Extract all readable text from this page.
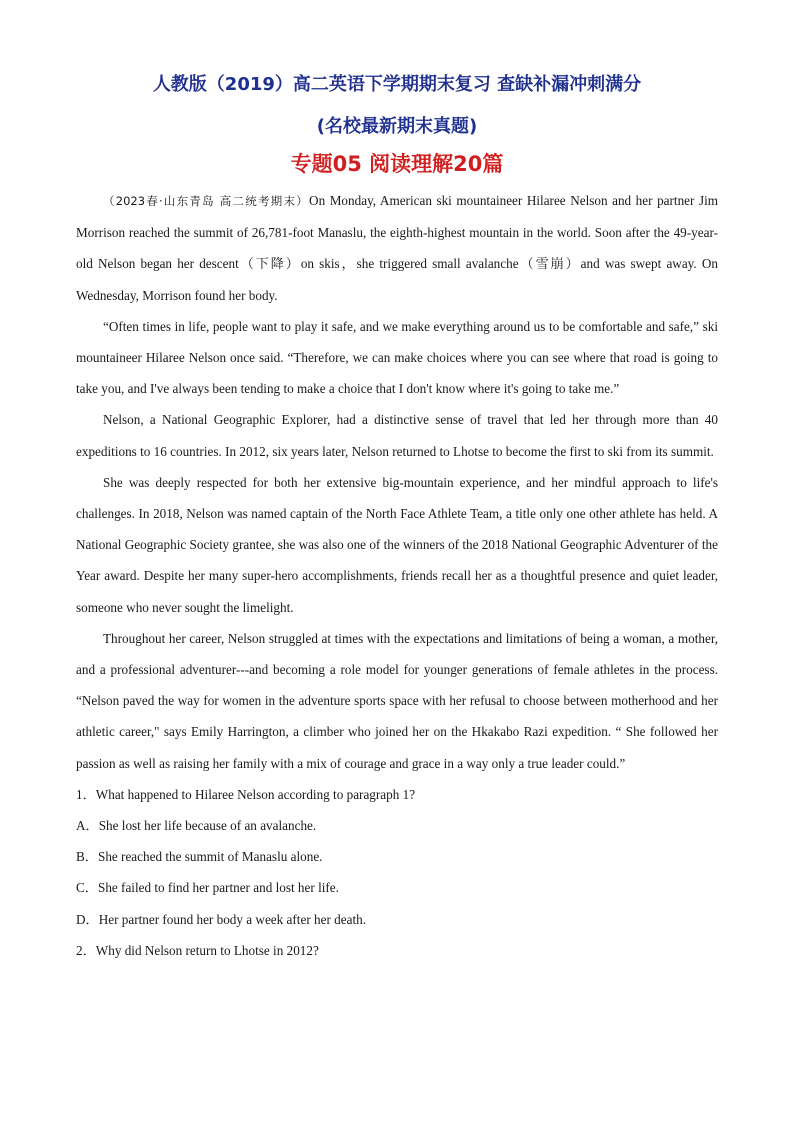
人教版（2019）高二英语下学期期末复习 查缺补漏冲刺满分
(名校最新期末真题)
专题05 阅读理解20篇

（2023春·山东青岛 高二统考期末）On Monday, American ski mountaineer Hilaree Nelson and her partner Jim Morrison reached the summit of 26,781-foot Manaslu, the eighth-highest mountain in the world. Soon after the 49-year-old Nelson began her descent（下降）on skis，she triggered small avalanche（雪崩）and was swept away. On Wednesday, Morrison found her body.

“Often times in life, people want to play it safe, and we make everything around us to be comfortable and safe,” ski mountaineer Hilaree Nelson once said. “Therefore, we can make choices where you can see where that road is going to take you, and I've always been tending to make a choice that I don't know where it's going to take me.”

Nelson, a National Geographic Explorer, had a distinctive sense of travel that led her through more than 40 expeditions to 16 countries. In 2012, six years later, Nelson returned to Lhotse to become the first to ski from its summit.

She was deeply respected for both her extensive big-mountain experience, and her mindful approach to life's challenges. In 2018, Nelson was named captain of the North Face Athlete Team, a title only one other athlete has held. A National Geographic Society grantee, she was also one of the winners of the 2018 National Geographic Adventurer of the Year award. Despite her many super-hero accomplishments, friends recall her as a thoughtful presence and quiet leader, someone who never sought the limelight.

Throughout her career, Nelson struggled at times with the expectations and limitations of being a woman, a mother, and a professional adventurer---and becoming a role model for younger generations of female athletes in the process. “Nelson paved the way for women in the adventure sports space with her refusal to choose between motherhood and her athletic career," says Emily Harrington, a climber who joined her on the Hkakabo Razi expedition. “ She followed her passion as well as raising her family with a mix of courage and grace in a way only a true leader could.”

1．What happened to Hilaree Nelson according to paragraph 1?

A．She lost her life because of an avalanche.

B．She reached the summit of Manaslu alone.

C．She failed to find her partner and lost her life.

D．Her partner found her body a week after her death.

2．Why did Nelson return to Lhotse in 2012?
